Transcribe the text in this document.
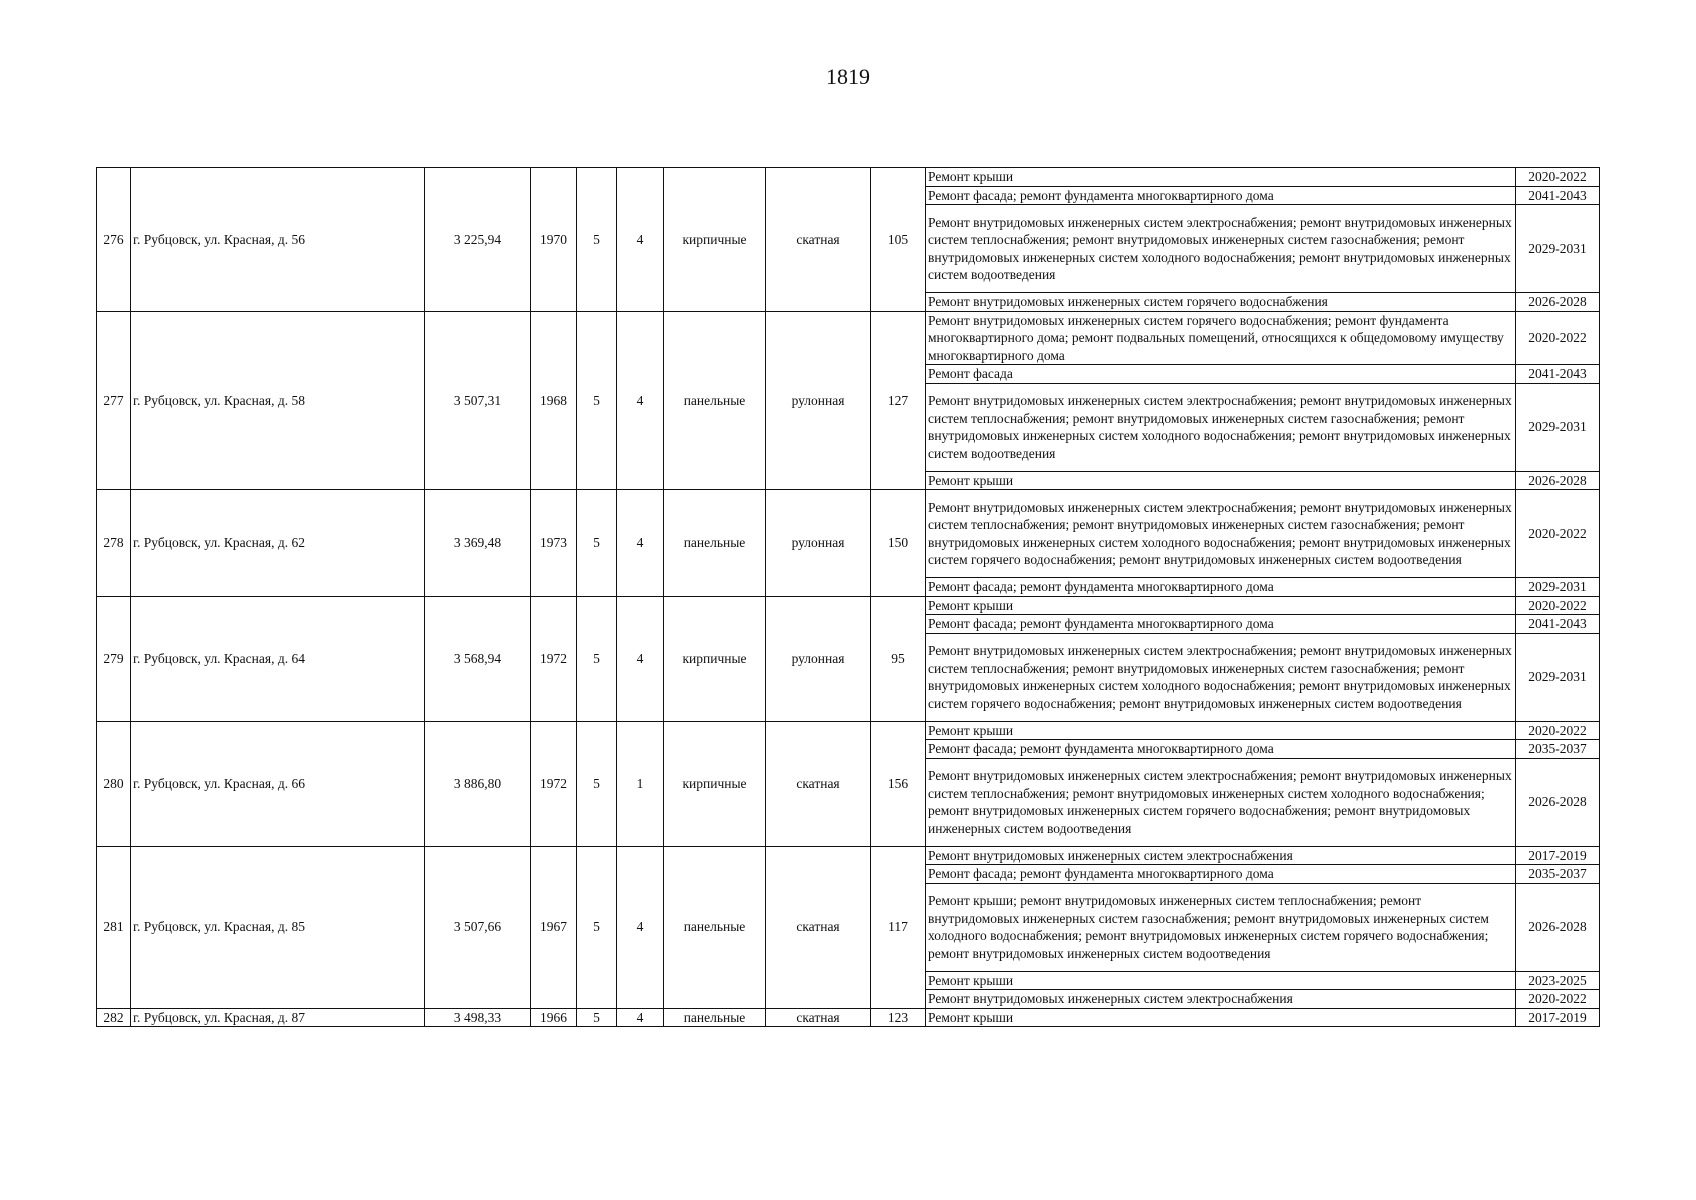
1819
276	г. Рубцовск, ул. Красная, д. 56	3 225,94	1970	5	4	кирпичные	скатная	105	Ремонт крыши	2020-2022
									Ремонт фасада; ремонт фундамента многоквартирного дома	2041-2043
									Ремонт внутридомовых инженерных систем электроснабжения; ремонт внутридомовых инженерных систем теплоснабжения; ремонт внутридомовых инженерных систем газоснабжения; ремонт внутридомовых инженерных систем холодного водоснабжения; ремонт внутридомовых инженерных систем водоотведения	2029-2031
									Ремонт внутридомовых инженерных систем горячего водоснабжения	2026-2028
277	г. Рубцовск, ул. Красная, д. 58	3 507,31	1968	5	4	панельные	рулонная	127	Ремонт внутридомовых инженерных систем горячего водоснабжения; ремонт фундамента многоквартирного дома; ремонт подвальных помещений, относящихся к общедомовому имуществу многоквартирного дома	2020-2022
									Ремонт фасада	2041-2043
									Ремонт внутридомовых инженерных систем электроснабжения; ремонт внутридомовых инженерных систем теплоснабжения; ремонт внутридомовых инженерных систем газоснабжения; ремонт внутридомовых инженерных систем холодного водоснабжения; ремонт внутридомовых инженерных систем водоотведения	2029-2031
									Ремонт крыши	2026-2028
278	г. Рубцовск, ул. Красная, д. 62	3 369,48	1973	5	4	панельные	рулонная	150	Ремонт внутридомовых инженерных систем электроснабжения; ремонт внутридомовых инженерных систем теплоснабжения; ремонт внутридомовых инженерных систем газоснабжения; ремонт внутридомовых инженерных систем холодного водоснабжения; ремонт внутридомовых инженерных систем горячего водоснабжения; ремонт внутридомовых инженерных систем водоотведения	2020-2022
									Ремонт фасада; ремонт фундамента многоквартирного дома	2029-2031
279	г. Рубцовск, ул. Красная, д. 64	3 568,94	1972	5	4	кирпичные	рулонная	95	Ремонт крыши	2020-2022
									Ремонт фасада; ремонт фундамента многоквартирного дома	2041-2043
									Ремонт внутридомовых инженерных систем электроснабжения; ремонт внутридомовых инженерных систем теплоснабжения; ремонт внутридомовых инженерных систем газоснабжения; ремонт внутридомовых инженерных систем холодного водоснабжения; ремонт внутридомовых инженерных систем горячего водоснабжения; ремонт внутридомовых инженерных систем водоотведения	2029-2031
280	г. Рубцовск, ул. Красная, д. 66	3 886,80	1972	5	1	кирпичные	скатная	156	Ремонт крыши	2020-2022
									Ремонт фасада; ремонт фундамента многоквартирного дома	2035-2037
									Ремонт внутридомовых инженерных систем электроснабжения; ремонт внутридомовых инженерных систем теплоснабжения; ремонт внутридомовых инженерных систем холодного водоснабжения; ремонт внутридомовых инженерных систем горячего водоснабжения; ремонт внутридомовых инженерных систем водоотведения	2026-2028
281	г. Рубцовск, ул. Красная, д. 85	3 507,66	1967	5	4	панельные	скатная	117	Ремонт внутридомовых инженерных систем электроснабжения	2017-2019
									Ремонт фасада; ремонт фундамента многоквартирного дома	2035-2037
									Ремонт крыши; ремонт внутридомовых инженерных систем теплоснабжения; ремонт внутридомовых инженерных систем газоснабжения; ремонт внутридомовых инженерных систем холодного водоснабжения; ремонт внутридомовых инженерных систем горячего водоснабжения; ремонт внутридомовых инженерных систем водоотведения	2026-2028
									Ремонт крыши	2023-2025
									Ремонт внутридомовых инженерных систем электроснабжения	2020-2022
282	г. Рубцовск, ул. Красная, д. 87	3 498,33	1966	5	4	панельные	скатная	123	Ремонт крыши	2017-2019
